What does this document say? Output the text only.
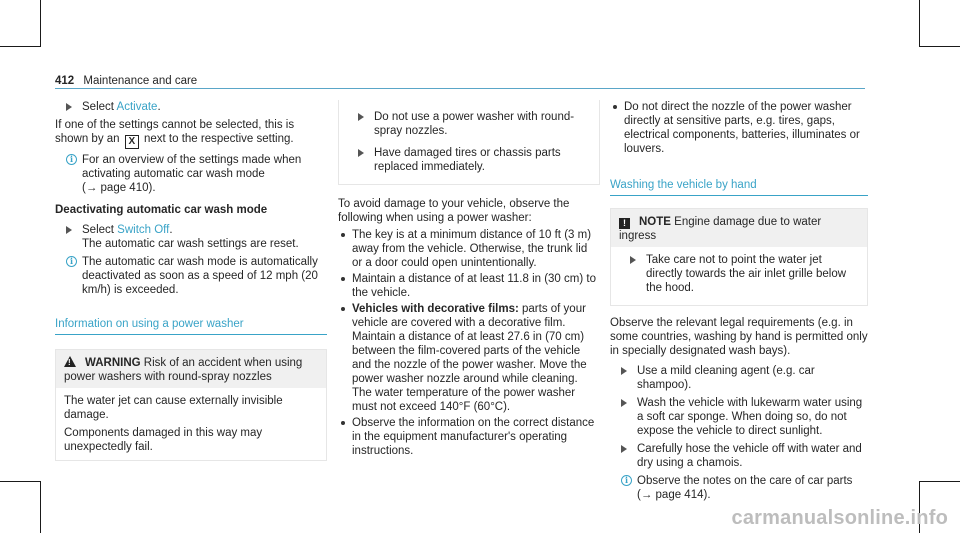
412 Maintenance and care
Select Activate.

If one of the settings cannot be selected, this is shown by an X next to the respective setting.

i For an overview of the settings made when activating automatic car wash mode
(→ page 410).

Deactivating automatic car wash mode

Select Switch Off.
The automatic car wash settings are reset.
i The automatic car wash mode is automatically deactivated as soon as a speed of 12 mph (20 km/h) is exceeded.
Information on using a power washer
! WARNING Risk of an accident when using power washers with round-spray nozzles

The water jet can cause externally invisible damage.

Components damaged in this way may unexpectedly fail.

Do not use a power washer with round-spray nozzles.
Have damaged tires or chassis parts replaced immediately.

To avoid damage to your vehicle, observe the following when using a power washer:

The key is at a minimum distance of 10 ft (3 m) away from the vehicle. Otherwise, the trunk lid or a door could open unintentionally.
Maintain a distance of at least 11.8 in (30 cm) to the vehicle.
Vehicles with decorative films: parts of your vehicle are covered with a decorative film. Maintain a distance of at least 27.6 in (70 cm) between the film-covered parts of the vehicle and the nozzle of the power washer. Move the power washer nozzle around while cleaning. The water temperature of the power washer must not exceed 140°F (60°C).
Observe the information on the correct distance in the equipment manufacturer's operating instructions.
Do not direct the nozzle of the power washer directly at sensitive parts, e.g. tires, gaps, electrical components, batteries, illuminates or louvers.
Washing the vehicle by hand
! NOTE Engine damage due to water ingress
Take care not to point the water jet directly towards the air inlet grille below the hood.

Observe the relevant legal requirements (e.g. in some countries, washing by hand is permitted only in specially designated wash bays).

Use a mild cleaning agent (e.g. car shampoo).
Wash the vehicle with lukewarm water using a soft car sponge. When doing so, do not expose the vehicle to direct sunlight.
Carefully hose the vehicle off with water and dry using a chamois.
i Observe the notes on the care of car parts
(→ page 414).
carmanualsonline.info
